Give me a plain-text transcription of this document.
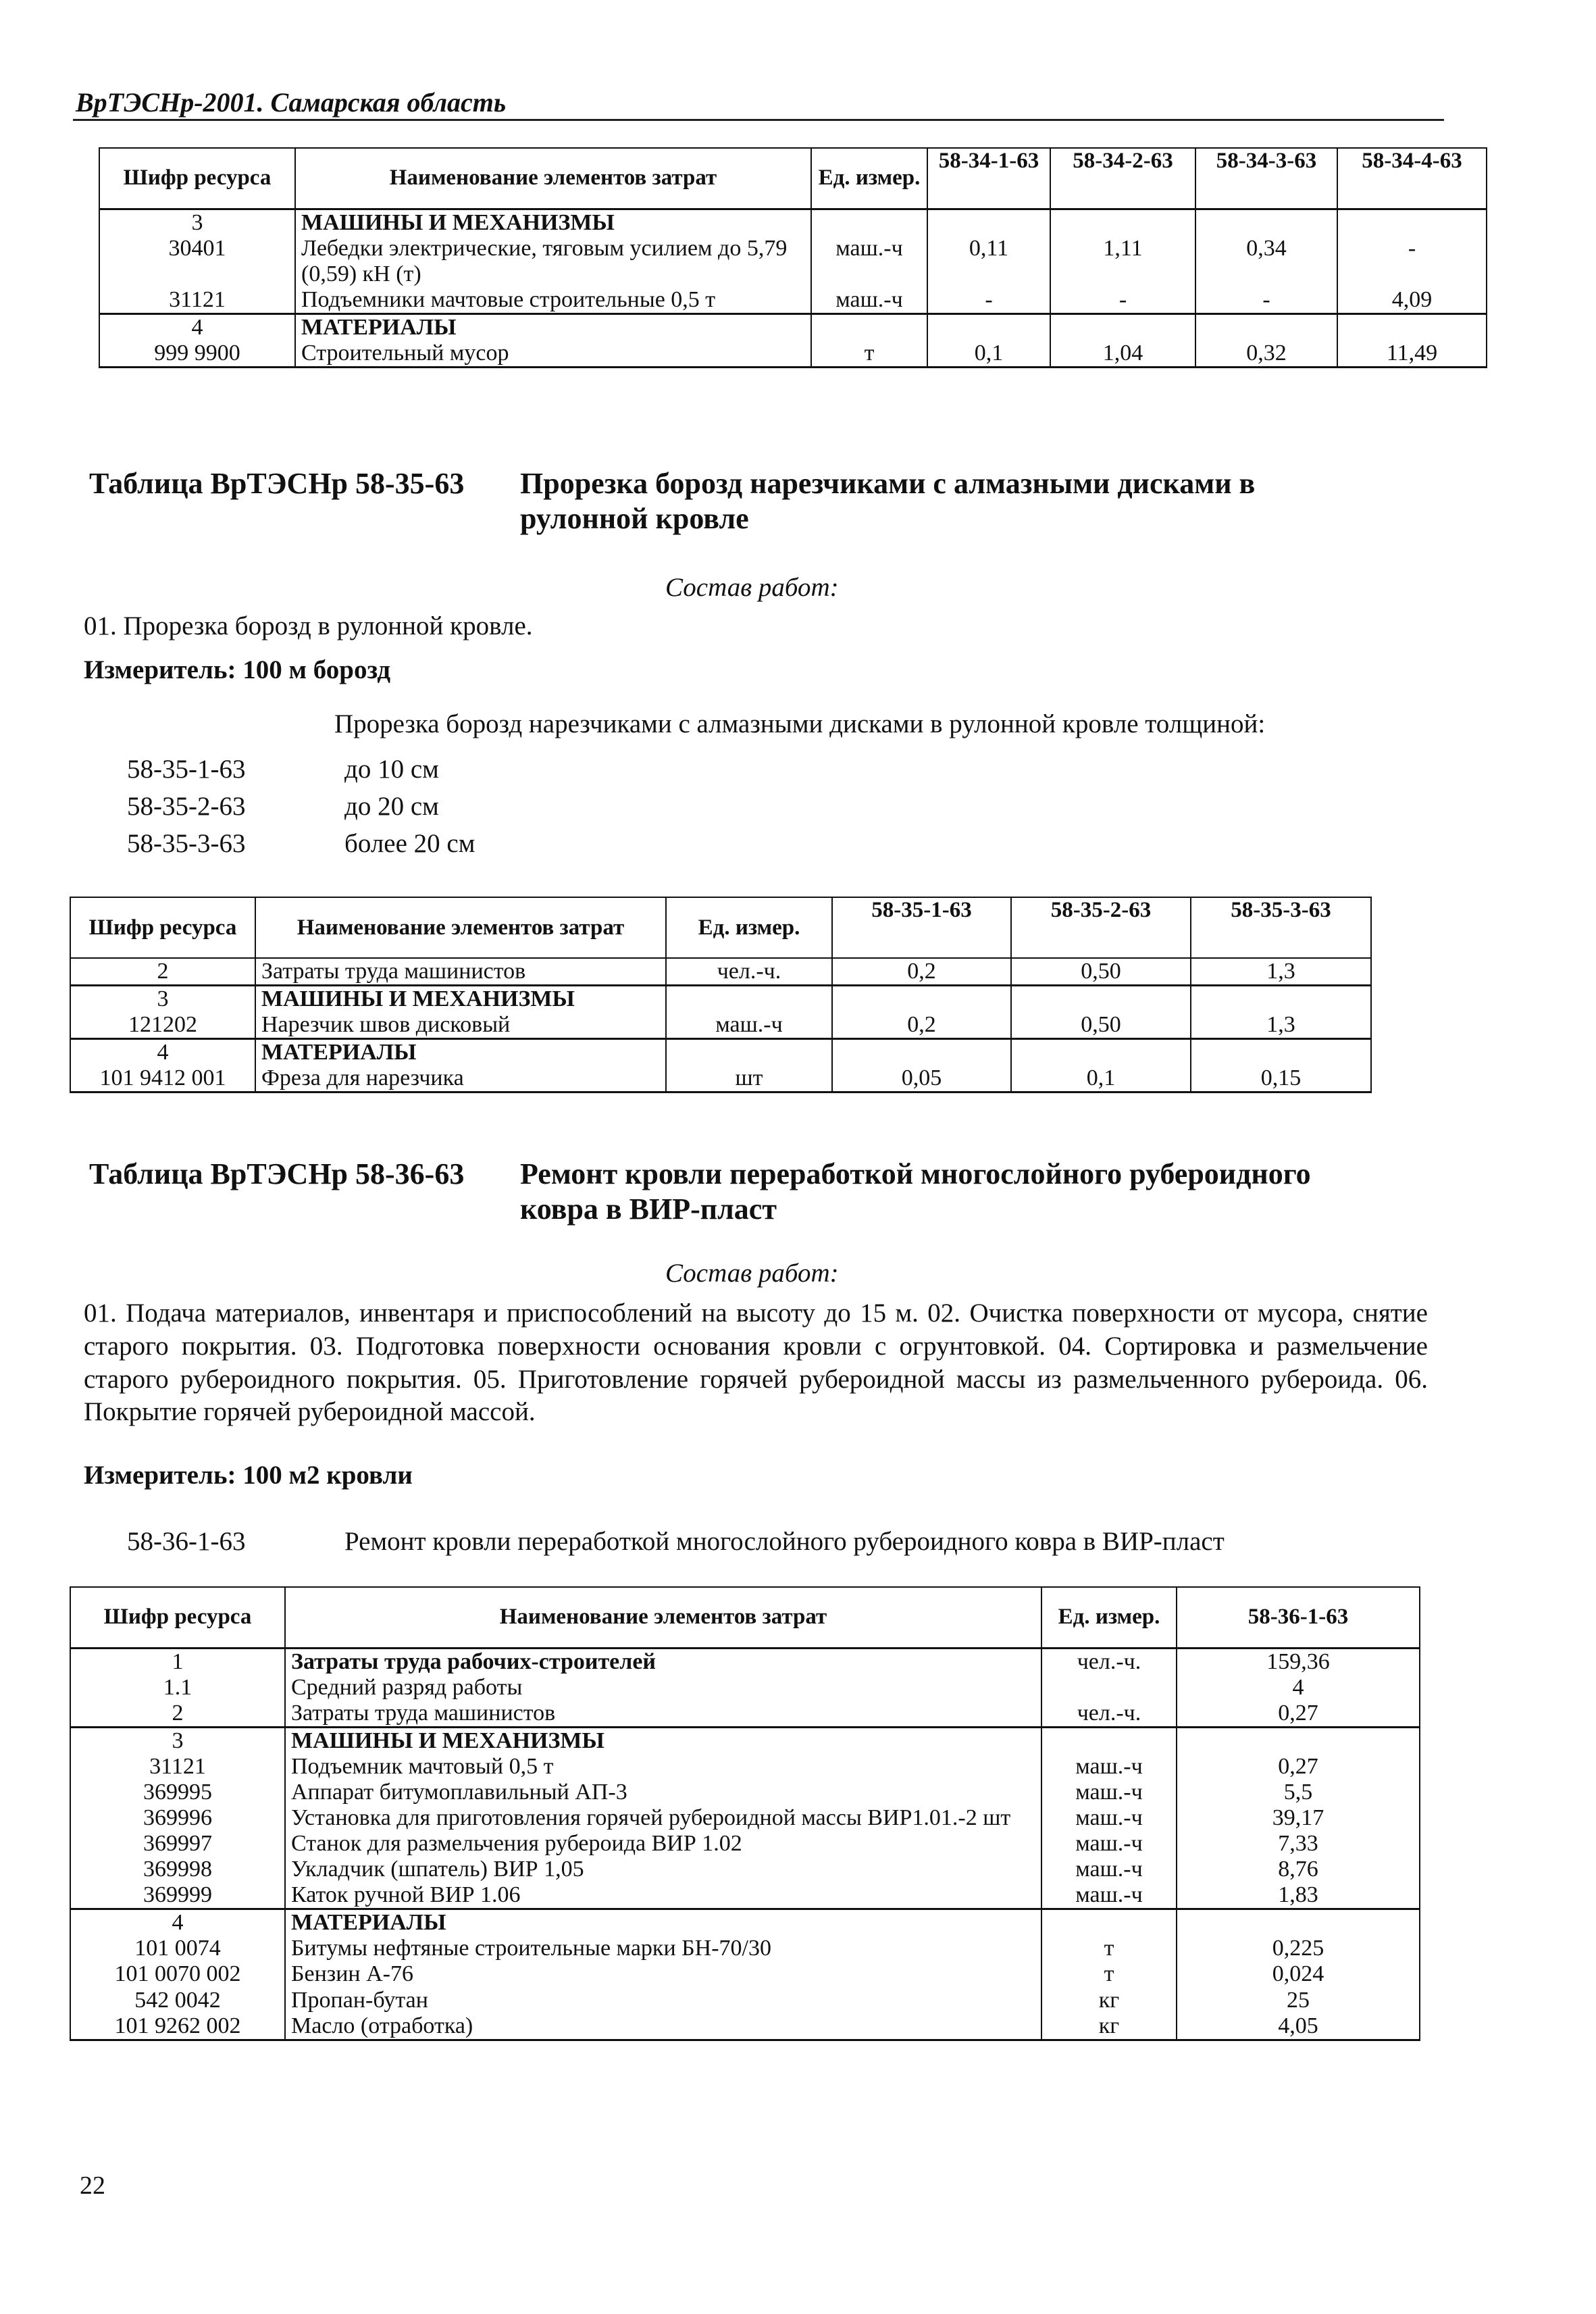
ВрТЭСНр-2001. Самарская область
Шифр ресурса	Наименование элементов затрат	Ед. измер.	58-34-1-63	58-34-2-63	58-34-3-63	58-34-4-63
3	МАШИНЫ И МЕХАНИЗМЫ					
30401	Лебедки электрические, тяговым усилием до 5,79 (0,59) кН (т)	маш.-ч	0,11	1,11	0,34	-
31121	Подъемники мачтовые строительные 0,5 т	маш.-ч	-	-	-	4,09
4	МАТЕРИАЛЫ					
999 9900	Строительный мусор	т	0,1	1,04	0,32	11,49
Таблица ВрТЭСНр 58-35-63 Прорезка борозд нарезчиками с алмазными дисками в
рулонной кровле
Состав работ:
01. Прорезка борозд в рулонной кровле.
Измеритель: 100 м борозд
Прорезка борозд нарезчиками с алмазными дисками в рулонной кровле толщиной:
58-35-1-63	до 10 см
58-35-2-63	до 20 см
58-35-3-63	более 20 см
Шифр ресурса	Наименование элементов затрат	Ед. измер.	58-35-1-63	58-35-2-63	58-35-3-63
2	Затраты труда машинистов	чел.-ч.	0,2	0,50	1,3
3	МАШИНЫ И МЕХАНИЗМЫ				
121202	Нарезчик швов дисковый	маш.-ч	0,2	0,50	1,3
4	МАТЕРИАЛЫ				
101 9412 001	Фреза для нарезчика	шт	0,05	0,1	0,15
Таблица ВрТЭСНр 58-36-63 Ремонт кровли переработкой многослойного рубероидного
ковра в ВИР-пласт
Состав работ:
01. Подача материалов, инвентаря и приспособлений на высоту до 15 м. 02. Очистка поверхности от мусора, снятие старого покрытия. 03. Подготовка поверхности основания кровли с огрунтовкой. 04. Сортировка и размельчение старого рубероидного покрытия. 05. Приготовление горячей рубероидной массы из размельченного рубероида. 06. Покрытие горячей рубероидной массой.
Измеритель: 100 м2 кровли
58-36-1-63	Ремонт кровли переработкой многослойного рубероидного ковра в ВИР-пласт
Шифр ресурса	Наименование элементов затрат	Ед. измер.	58-36-1-63
1	Затраты труда рабочих-строителей	чел.-ч.	159,36
1.1	Средний разряд работы		4
2	Затраты труда машинистов	чел.-ч.	0,27
3	МАШИНЫ И МЕХАНИЗМЫ		
31121	Подъемник мачтовый 0,5 т	маш.-ч	0,27
369995	Аппарат битумоплавильный АП-3	маш.-ч	5,5
369996	Установка для приготовления горячей рубероидной массы ВИР1.01.-2 шт	маш.-ч	39,17
369997	Станок для размельчения рубероида ВИР 1.02	маш.-ч	7,33
369998	Укладчик (шпатель) ВИР 1,05	маш.-ч	8,76
369999	Каток ручной ВИР 1.06	маш.-ч	1,83
4	МАТЕРИАЛЫ		
101 0074	Битумы нефтяные строительные марки БН-70/30	т	0,225
101 0070 002	Бензин А-76	т	0,024
542 0042	Пропан-бутан	кг	25
101 9262 002	Масло (отработка)	кг	4,05
22
